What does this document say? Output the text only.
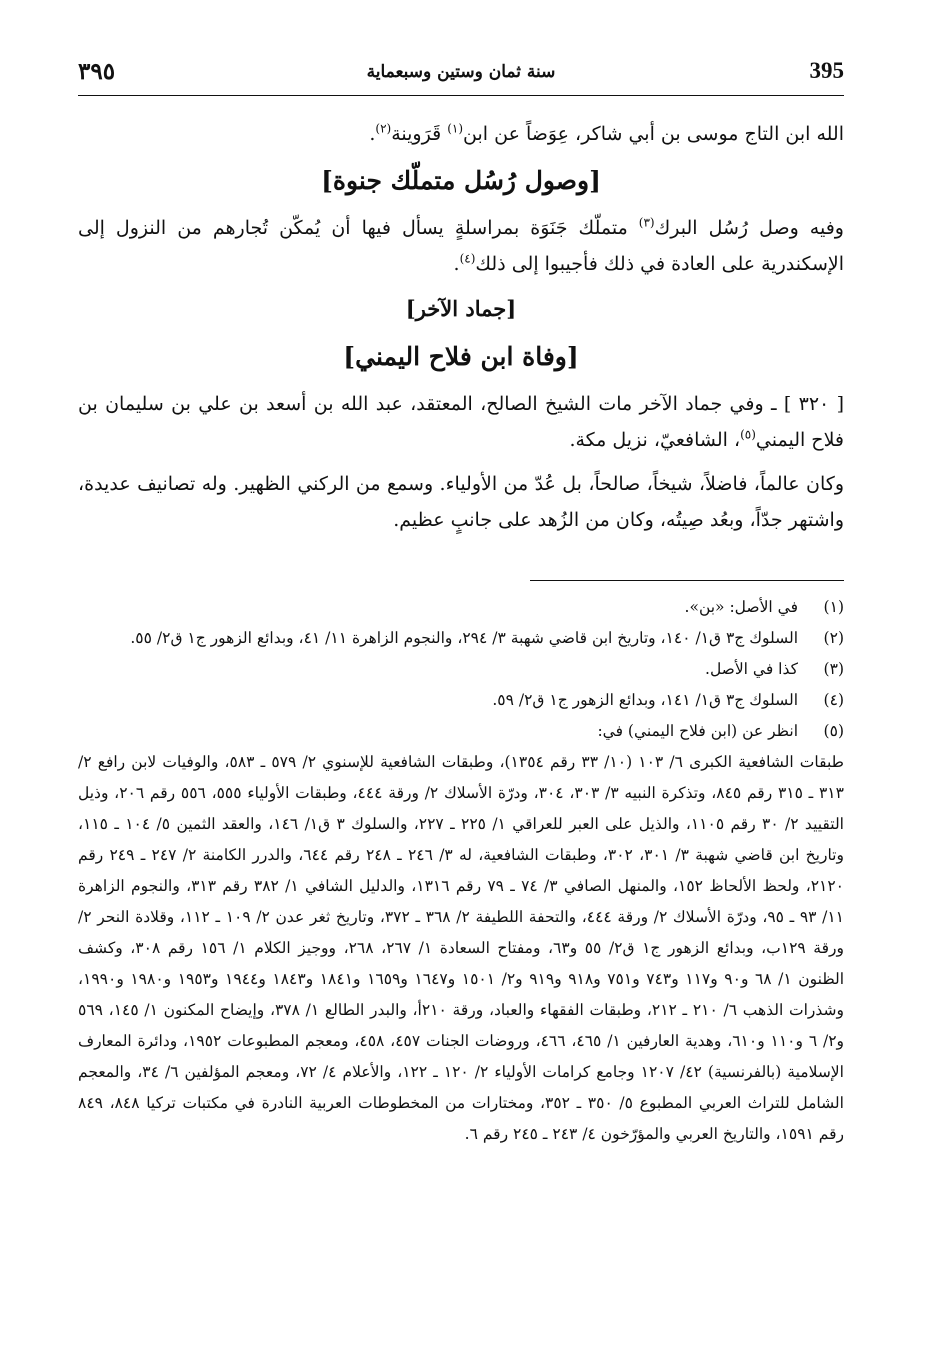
395
سنة ثمان وستين وسبعماية
٣٩٥

الله ابن التاج موسى بن أبي شاكر، عِوَضاً عن ابن$^{(١)}$ قَرَوينة$^{(٢)}$.

[وصول رُسُل متملّك جنوة]

وفيه وصل رُسُل البرك$^{(٣)}$ متملّك جَنَوَة بمراسلةٍ يسأل فيها أن يُمكّن تُجارهم من النزول إلى الإسكندرية على العادة في ذلك فأجيبوا إلى ذلك$^{(٤)}$.

[جماد الآخر]
[وفاة ابن فلاح اليمني]

[ ٣٢٠ ] ـ وفي جماد الآخر مات الشيخ الصالح، المعتقد، عبد الله بن أسعد بن علي بن سليمان بن فلاح اليمني$^{(٥)}$، الشافعيّ، نزيل مكة.

وكان عالماً، فاضلاً، شيخاً، صالحاً، بل عُدّ من الأولياء. وسمع من الركني الظهير. وله تصانيف عديدة، واشتهر جدّاً، وبعُد صِيتُه، وكان من الزُهد على جانبٍ عظيم.

(١)
في الأصل: «بن».
(٢)
السلوك ج٣ ق١/ ١٤٠، وتاريخ ابن قاضي شهبة ٣/ ٢٩٤، والنجوم الزاهرة ١١/ ٤١، وبدائع الزهور ج١ ق٢/ ٥٥.
(٣)
كذا في الأصل.
(٤)
السلوك ج٣ ق١/ ١٤١، وبدائع الزهور ج١ ق٢/ ٥٩.
(٥)
انظر عن (ابن فلاح اليمني) في:
طبقات الشافعية الكبرى ٦/ ١٠٣ (١٠/ ٣٣ رقم ١٣٥٤)، وطبقات الشافعية للإسنوي ٢/ ٥٧٩ ـ ٥٨٣، والوفيات لابن رافع ٢/ ٣١٣ ـ ٣١٥ رقم ٨٤٥، وتذكرة النبيه ٣/ ٣٠٣، ٣٠٤، ودرّة الأسلاك ٢/ ورقة ٤٤٤، وطبقات الأولياء ٥٥٥، ٥٥٦ رقم ٢٠٦، وذيل التقييد ٢/ ٣٠ رقم ١١٠٥، والذيل على العبر للعراقي ١/ ٢٢٥ ـ ٢٢٧، والسلوك ٣ ق١/ ١٤٦، والعقد الثمين ٥/ ١٠٤ ـ ١١٥، وتاريخ ابن قاضي شهبة ٣/ ٣٠١، ٣٠٢، وطبقات الشافعية، له ٣/ ٢٤٦ ـ ٢٤٨ رقم ٦٤٤، والدرر الكامنة ٢/ ٢٤٧ ـ ٢٤٩ رقم ٢١٢٠، ولحظ الألحاظ ١٥٢، والمنهل الصافي ٣/ ٧٤ ـ ٧٩ رقم ١٣١٦، والدليل الشافي ١/ ٣٨٢ رقم ٣١٣، والنجوم الزاهرة ١١/ ٩٣ ـ ٩٥، ودرّة الأسلاك ٢/ ورقة ٤٤٤، والتحفة اللطيفة ٢/ ٣٦٨ ـ ٣٧٢، وتاريخ ثغر عدن ٢/ ١٠٩ ـ ١١٢، وقلادة النحر ٢/ ورقة ١٢٩ب، وبدائع الزهور ج١ ق٢/ ٥٥ و٦٣، ومفتاح السعادة ١/ ٢٦٧، ٢٦٨، ووجيز الكلام ١/ ١٥٦ رقم ٣٠٨، وكشف الظنون ١/ ٦٨ و٩٠ و١١٧ و٧٤٣ و٧٥١ و٩١٨ و٩١٩ و٢/ ١٥٠١ و١٦٤٧ و١٦٥٩ و١٨٤١ و١٨٤٣ و١٩٤٤ و١٩٥٣ و١٩٨٠ و١٩٩٠، وشذرات الذهب ٦/ ٢١٠ ـ ٢١٢، وطبقات الفقهاء والعباد، ورقة ٢١٠أ، والبدر الطالع ١/ ٣٧٨، وإيضاح المكنون ١/ ١٤٥، ٥٦٩ و٢/ ٦ و١١٠ و٦١٠، وهدية العارفين ١/ ٤٦٥، ٤٦٦، وروضات الجنات ٤٥٧، ٤٥٨، ومعجم المطبوعات ١٩٥٢، ودائرة المعارف الإسلامية (بالفرنسية) ٤٢/ ١٢٠٧ وجامع كرامات الأولياء ٢/ ١٢٠ ـ ١٢٢، والأعلام ٤/ ٧٢، ومعجم المؤلفين ٦/ ٣٤، والمعجم الشامل للتراث العربي المطبوع ٥/ ٣٥٠ ـ ٣٥٢، ومختارات من المخطوطات العربية النادرة في مكتبات تركيا ٨٤٨، ٨٤٩ رقم ١٥٩١، والتاريخ العربي والمؤرّخون ٤/ ٢٤٣ ـ ٢٤٥ رقم ٦.
